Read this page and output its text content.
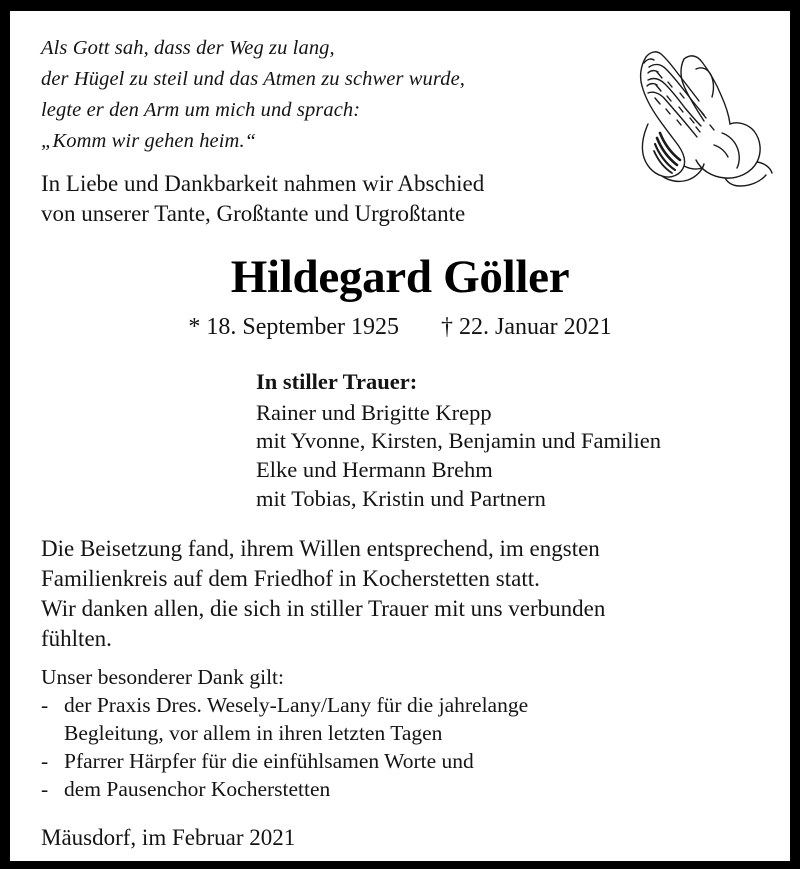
Als Gott sah, dass der Weg zu lang,
der Hügel zu steil und das Atmen zu schwer wurde,
legte er den Arm um mich und sprach:
„Komm wir gehen heim.“
In Liebe und Dankbarkeit nahmen wir Abschied
von unserer Tante, Großtante und Urgroßtante
Hildegard Göller
* 18. September 1925 † 22. Januar 2021
In stiller Trauer:
Rainer und Brigitte Krepp
mit Yvonne, Kirsten, Benjamin und Familien
Elke und Hermann Brehm
mit Tobias, Kristin und Partnern
Die Beisetzung fand, ihrem Willen entsprechend, im engsten
Familienkreis auf dem Friedhof in Kocherstetten statt.
Wir danken allen, die sich in stiller Trauer mit uns verbunden
fühlten.
Unser besonderer Dank gilt:
- der Praxis Dres. Wesely-Lany/Lany für die jahrelange
Begleitung, vor allem in ihren letzten Tagen
- Pfarrer Härpfer für die einfühlsamen Worte und
- dem Pausenchor Kocherstetten
Mäusdorf, im Februar 2021
